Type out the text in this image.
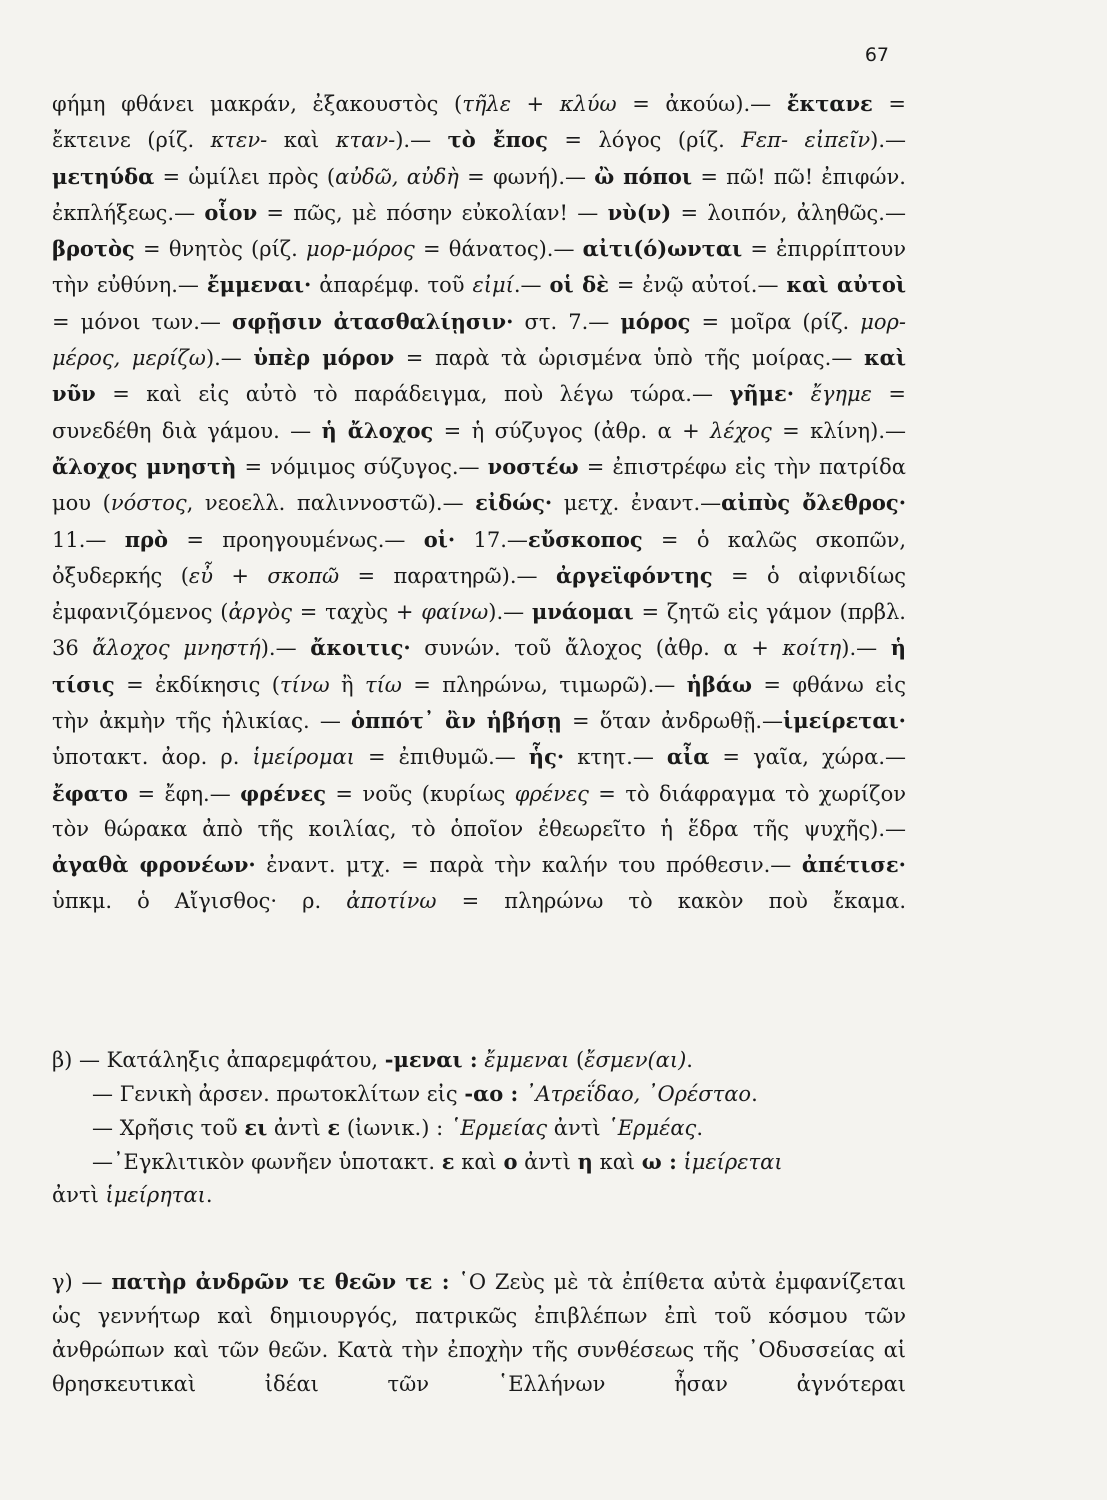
67

φήμη φθάνει μακράν, ἐξακουστὸς (τῆλε + κλύω = ἀκούω).— ἔκτανε = ἔκτεινε (ρίζ. κτεν- καὶ κταν-).— τὸ ἔπος = λόγος (ρίζ. Fεπ- εἰπεῖν).— μετηύδα = ὡμίλει πρὸς (αὐδῶ, αὐδὴ = φωνή).— ὢ πόποι = πῶ! πῶ! ἐπιφών. ἐκπλήξεως.— οἷον = πῶς, μὲ πόσην εὐκολίαν! — νὺ(ν) = λοιπόν, ἀληθῶς.— βροτὸς = θνητὸς (ρίζ. μορ-μόρος = θάνατος).— αἰτι(ό)ωνται = ἐπιρρίπτουν τὴν εὐθύνη.— ἔμμεναι· ἀπαρέμφ. τοῦ εἰμί.— οἱ δὲ = ἐνῷ αὐτοί.— καὶ αὐτοὶ = μόνοι των.— σφῇσιν ἀτασθαλίῃσιν· στ. 7.— μόρος = μοῖρα (ρίζ. μορ-μέρος, μερίζω).— ὑπὲρ μόρον = παρὰ τὰ ὡρισμένα ὑπὸ τῆς μοίρας.— καὶ νῦν = καὶ εἰς αὐτὸ τὸ παράδειγμα, ποὺ λέγω τώρα.— γῆμε· ἔγημε = συνεδέθη διὰ γάμου. — ἡ ἄλοχος = ἡ σύζυγος (ἀθρ. α + λέχος = κλίνη).— ἄλοχος μνηστὴ = νόμιμος σύζυγος.— νοστέω = ἐπιστρέφω εἰς τὴν πατρίδα μου (νόστος, νεοελλ. παλιννοστῶ).— εἰδώς· μετχ. ἐναντ.—αἰπὺς ὄλεθρος· 11.— πρὸ = προηγουμένως.— οἱ· 17.—εὔσκοπος = ὁ καλῶς σκοπῶν, ὀξυδερκής (εὖ + σκοπῶ = παρατηρῶ).— ἀργεϊφόντης = ὁ αἰφνιδίως ἐμφανιζόμενος (ἀργὸς = ταχὺς + φαίνω).— μνάομαι = ζητῶ εἰς γάμον (πρβλ. 36 ἄλοχος μνηστή).— ἄκοιτις· συνών. τοῦ ἄλοχος (ἀθρ. α + κοίτη).— ἡ τίσις = ἐκδίκησις (τίνω ἢ τίω = πληρώνω, τιμωρῶ).— ἡβάω = φθάνω εἰς τὴν ἀκμὴν τῆς ἡλικίας. — ὁππότ᾽ ἂν ἡβήσῃ = ὅταν ἀνδρωθῇ.—ἱμείρεται· ὑποτακτ. ἀορ. ρ. ἱμείρομαι = ἐπιθυμῶ.— ἧς· κτητ.— αἶα = γαῖα, χώρα.—ἔφατο = ἔφη.— φρένες = νοῦς (κυρίως φρένες = τὸ διάφραγμα τὸ χωρίζον τὸν θώρακα ἀπὸ τῆς κοιλίας, τὸ ὁποῖον ἐθεωρεῖτο ἡ ἕδρα τῆς ψυχῆς).— ἀγαθὰ φρονέων· ἐναντ. μτχ. = παρὰ τὴν καλήν του πρόθεσιν.— ἀπέτισε· ὑπκμ. ὁ Αἴγισθος· ρ. ἀποτίνω = πληρώνω τὸ κακὸν ποὺ ἔκαμα.

β) — Κατάληξις ἀπαρεμφάτου, -μεναι : ἔμμεναι (ἔσμεν(αι).
— Γενικὴ ἀρσεν. πρωτοκλίτων εἰς -αο : ᾽Ατρεΐδαο, ᾽Ορέσταο.
— Χρῆσις τοῦ ει ἀντὶ ε (ἰωνικ.) : ῾Ερμείας ἀντὶ ῾Ερμέας.
—᾽Εγκλιτικὸν φωνῆεν ὑποτακτ. ε καὶ ο ἀντὶ η καὶ ω : ἱμείρεται
ἀντὶ ἱμείρηται.

γ) — πατὴρ ἀνδρῶν τε θεῶν τε : ῾Ο Ζεὺς μὲ τὰ ἐπίθετα αὐτὰ ἐμφανίζεται ὡς γεννήτωρ καὶ δημιουργός, πατρικῶς ἐπιβλέπων ἐπὶ τοῦ κόσμου τῶν ἀνθρώπων καὶ τῶν θεῶν. Κατὰ τὴν ἐποχὴν τῆς συνθέσεως τῆς ᾽Οδυσσείας αἱ θρησκευτικαὶ ἰδέαι τῶν ῾Ελλήνων ἦσαν ἀγνότεραι
